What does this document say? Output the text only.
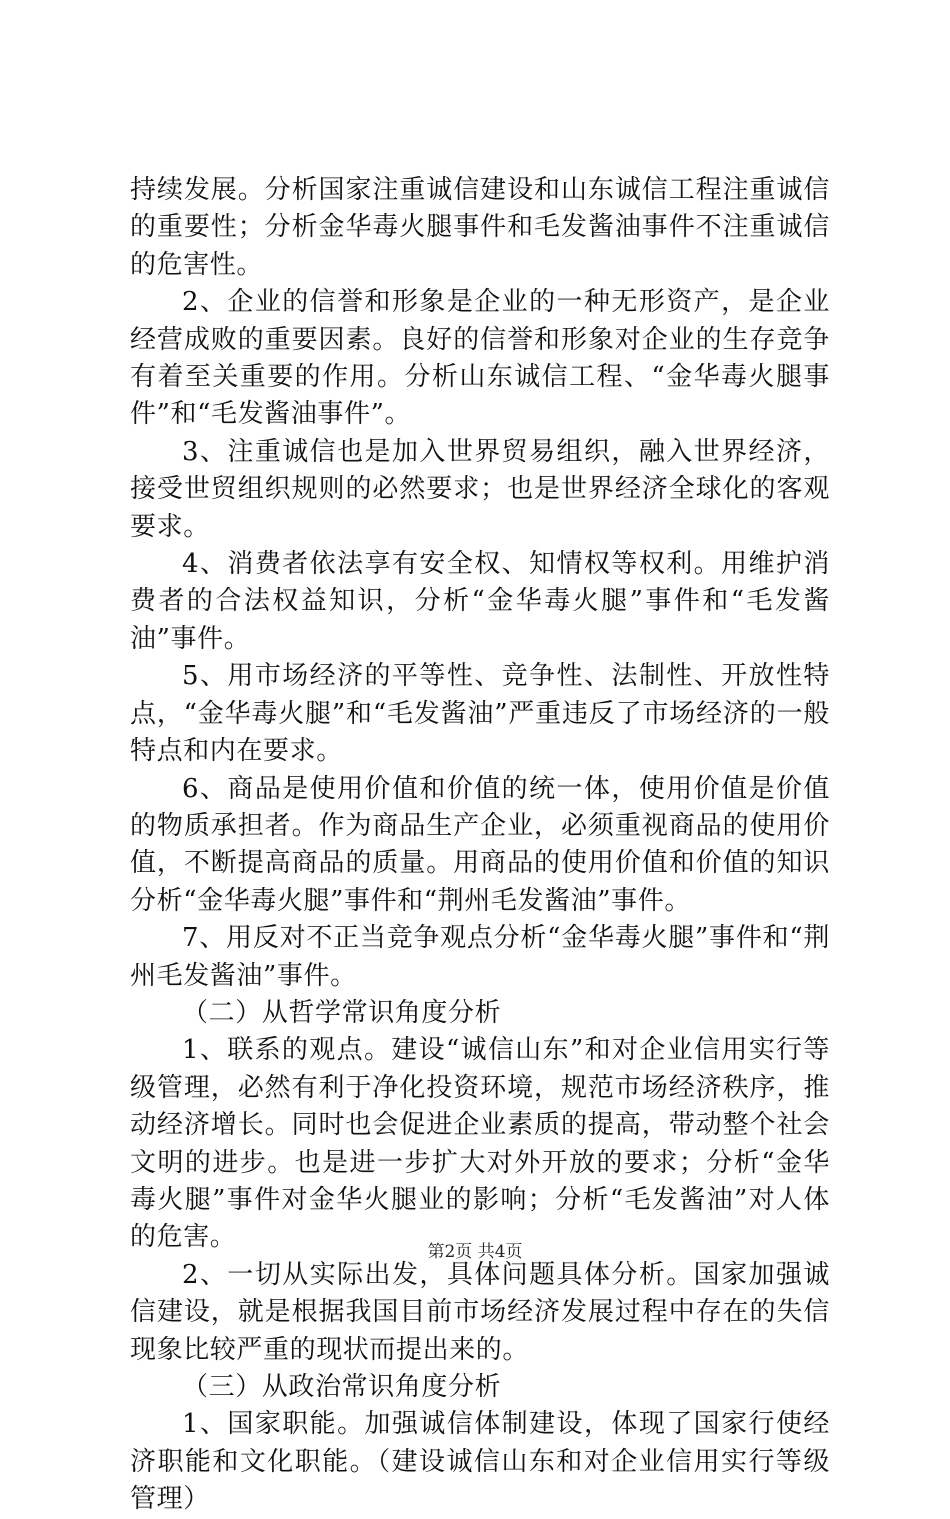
持续发展。分析国家注重诚信建设和山东诚信工程注重诚信的重要性；分析金华毒火腿事件和毛发酱油事件不注重诚信的危害性。

2、企业的信誉和形象是企业的一种无形资产，是企业经营成败的重要因素。良好的信誉和形象对企业的生存竞争有着至关重要的作用。分析山东诚信工程、“金华毒火腿事件”和“毛发酱油事件”。

3、注重诚信也是加入世界贸易组织，融入世界经济，接受世贸组织规则的必然要求；也是世界经济全球化的客观要求。

4、消费者依法享有安全权、知情权等权利。用维护消费者的合法权益知识，分析“金华毒火腿”事件和“毛发酱油”事件。

5、用市场经济的平等性、竞争性、法制性、开放性特点，“金华毒火腿”和“毛发酱油”严重违反了市场经济的一般特点和内在要求。

6、商品是使用价值和价值的统一体，使用价值是价值的物质承担者。作为商品生产企业，必须重视商品的使用价值，不断提高商品的质量。用商品的使用价值和价值的知识分析“金华毒火腿”事件和“荆州毛发酱油”事件。

7、用反对不正当竞争观点分析“金华毒火腿”事件和“荆州毛发酱油”事件。

（二）从哲学常识角度分析

1、联系的观点。建设“诚信山东”和对企业信用实行等级管理，必然有利于净化投资环境，规范市场经济秩序，推动经济增长。同时也会促进企业素质的提高，带动整个社会文明的进步。也是进一步扩大对外开放的要求；分析“金华毒火腿”事件对金华火腿业的影响；分析“毛发酱油”对人体的危害。

2、一切从实际出发，具体问题具体分析。国家加强诚信建设，就是根据我国目前市场经济发展过程中存在的失信现象比较严重的现状而提出来的。

（三）从政治常识角度分析

1、国家职能。加强诚信体制建设，体现了国家行使经济职能和文化职能。（建设诚信山东和对企业信用实行等级管理）

第2页 共4页
